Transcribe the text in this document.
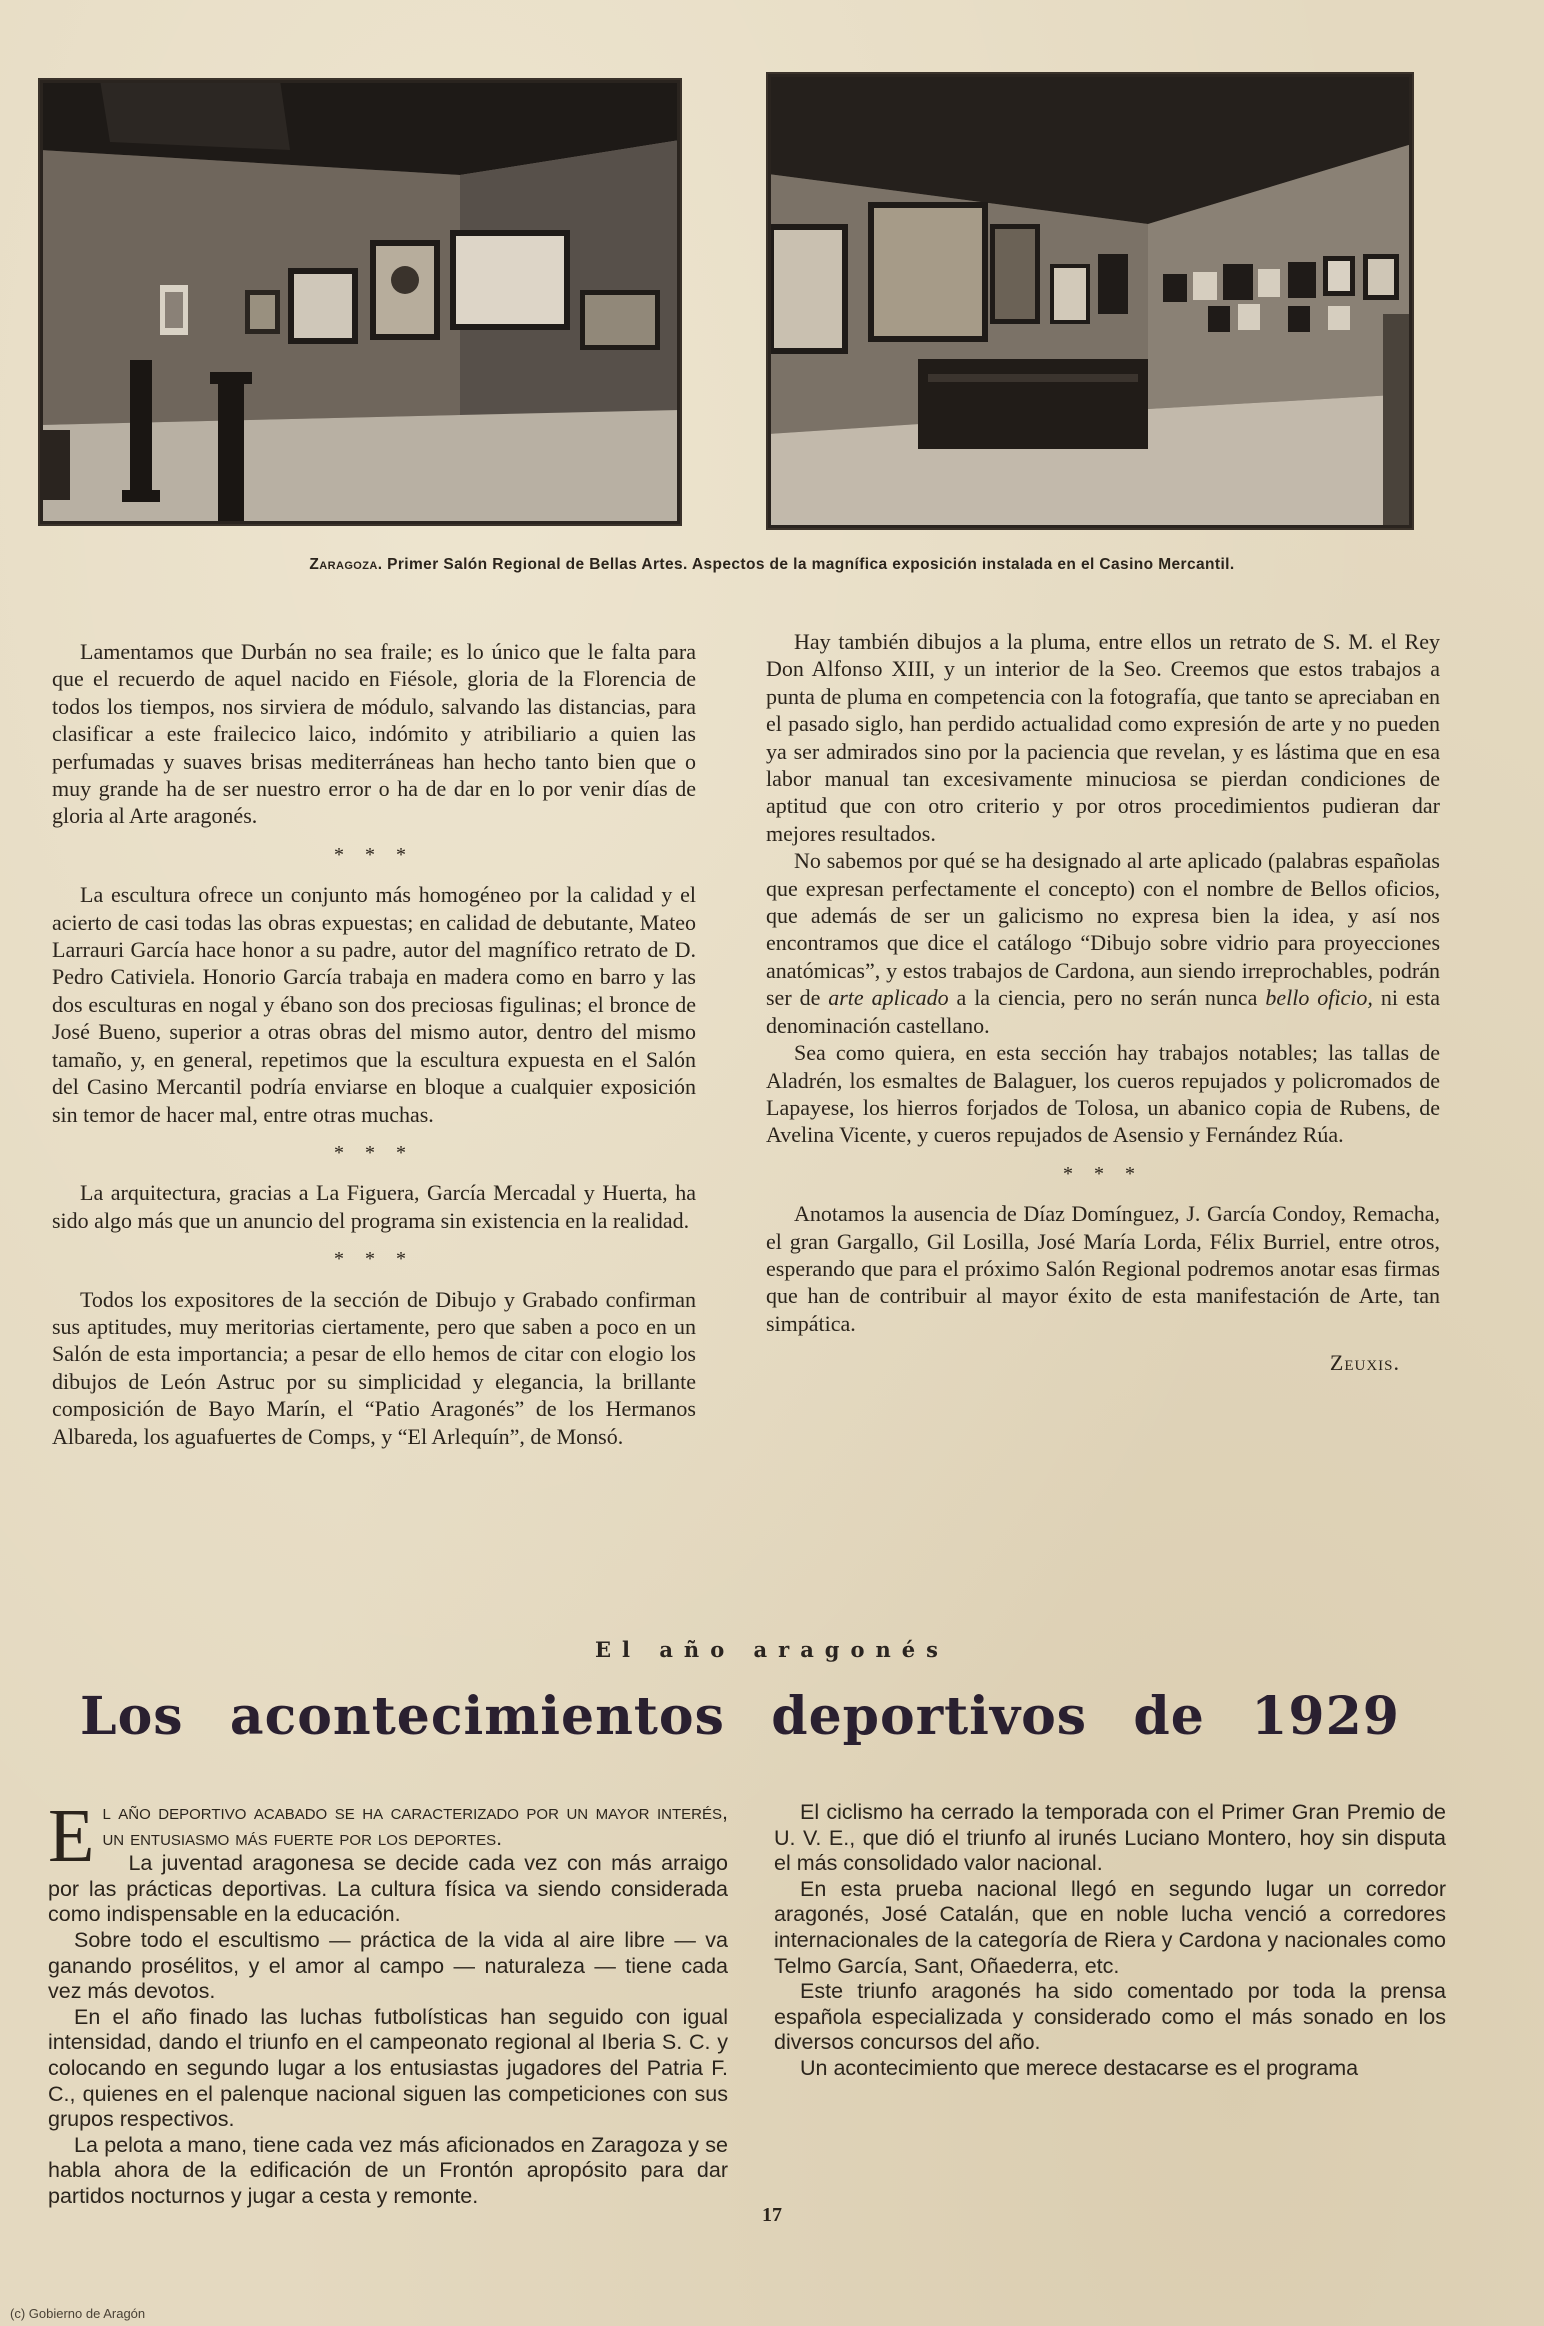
Zaragoza. Primer Salón Regional de Bellas Artes. Aspectos de la magnífica exposición instalada en el Casino Mercantil.

Lamentamos que Durbán no sea fraile; es lo único que le falta para que el recuerdo de aquel nacido en Fiésole, gloria de la Florencia de todos los tiempos, nos sirviera de módulo, salvando las distancias, para clasificar a este frailecico laico, indómito y atribiliario a quien las perfumadas y suaves brisas mediterráneas han hecho tanto bien que o muy grande ha de ser nuestro error o ha de dar en lo por venir días de gloria al Arte aragonés.

* * *

La escultura ofrece un conjunto más homogéneo por la calidad y el acierto de casi todas las obras expuestas; en calidad de debutante, Mateo Larrauri García hace honor a su padre, autor del magnífico retrato de D. Pedro Cativiela. Honorio García trabaja en madera como en barro y las dos esculturas en nogal y ébano son dos preciosas figulinas; el bronce de José Bueno, superior a otras obras del mismo autor, dentro del mismo tamaño, y, en general, repetimos que la escultura expuesta en el Salón del Casino Mercantil podría enviarse en bloque a cualquier exposición sin temor de hacer mal, entre otras muchas.

* * *

La arquitectura, gracias a La Figuera, García Mercadal y Huerta, ha sido algo más que un anuncio del programa sin existencia en la realidad.

* * *

Todos los expositores de la sección de Dibujo y Grabado confirman sus aptitudes, muy meritorias ciertamente, pero que saben a poco en un Salón de esta importancia; a pesar de ello hemos de citar con elogio los dibujos de León Astruc por su simplicidad y elegancia, la brillante composición de Bayo Marín, el “Patio Aragonés” de los Hermanos Albareda, los aguafuertes de Comps, y “El Arlequín”, de Monsó.

Hay también dibujos a la pluma, entre ellos un retrato de S. M. el Rey Don Alfonso XIII, y un interior de la Seo. Creemos que estos trabajos a punta de pluma en competencia con la fotografía, que tanto se apreciaban en el pasado siglo, han perdido actualidad como expresión de arte y no pueden ya ser admirados sino por la paciencia que revelan, y es lástima que en esa labor manual tan excesivamente minuciosa se pierdan condiciones de aptitud que con otro criterio y por otros procedimientos pudieran dar mejores resultados.

No sabemos por qué se ha designado al arte aplicado (palabras españolas que expresan perfectamente el concepto) con el nombre de Bellos oficios, que además de ser un galicismo no expresa bien la idea, y así nos encontramos que dice el catálogo “Dibujo sobre vidrio para proyecciones anatómicas”, y estos trabajos de Cardona, aun siendo irreprochables, podrán ser de arte aplicado a la ciencia, pero no serán nunca bello oficio, ni esta denominación castellano.

Sea como quiera, en esta sección hay trabajos notables; las tallas de Aladrén, los esmaltes de Balaguer, los cueros repujados y policromados de Lapayese, los hierros forjados de Tolosa, un abanico copia de Rubens, de Avelina Vicente, y cueros repujados de Asensio y Fernández Rúa.

* * *

Anotamos la ausencia de Díaz Domínguez, J. García Condoy, Remacha, el gran Gargallo, Gil Losilla, José María Lorda, Félix Burriel, entre otros, esperando que para el próximo Salón Regional podremos anotar esas firmas que han de contribuir al mayor éxito de esta manifestación de Arte, tan simpática.

Zeuxis.
El año aragonés
Los acontecimientos deportivos de 1929

El año deportivo acabado se ha caracterizado por un mayor interés, un entusiasmo más fuerte por los deportes.

La juventad aragonesa se decide cada vez con más arraigo por las prácticas deportivas. La cultura física va siendo considerada como indispensable en la educación.

Sobre todo el escultismo — práctica de la vida al aire libre — va ganando prosélitos, y el amor al campo — naturaleza — tiene cada vez más devotos.

En el año finado las luchas futbolísticas han seguido con igual intensidad, dando el triunfo en el campeonato regional al Iberia S. C. y colocando en segundo lugar a los entusiastas jugadores del Patria F. C., quienes en el palenque nacional siguen las competiciones con sus grupos respectivos.

La pelota a mano, tiene cada vez más aficionados en Zaragoza y se habla ahora de la edificación de un Frontón apropósito para dar partidos nocturnos y jugar a cesta y remonte.

El ciclismo ha cerrado la temporada con el Primer Gran Premio de U. V. E., que dió el triunfo al irunés Luciano Montero, hoy sin disputa el más consolidado valor nacional.

En esta prueba nacional llegó en segundo lugar un corredor aragonés, José Catalán, que en noble lucha venció a corredores internacionales de la categoría de Riera y Cardona y nacionales como Telmo García, Sant, Oñaederra, etc.

Este triunfo aragonés ha sido comentado por toda la prensa española especializada y considerado como el más sonado en los diversos concursos del año.

Un acontecimiento que merece destacarse es el programa

17
(c) Gobierno de Aragón
